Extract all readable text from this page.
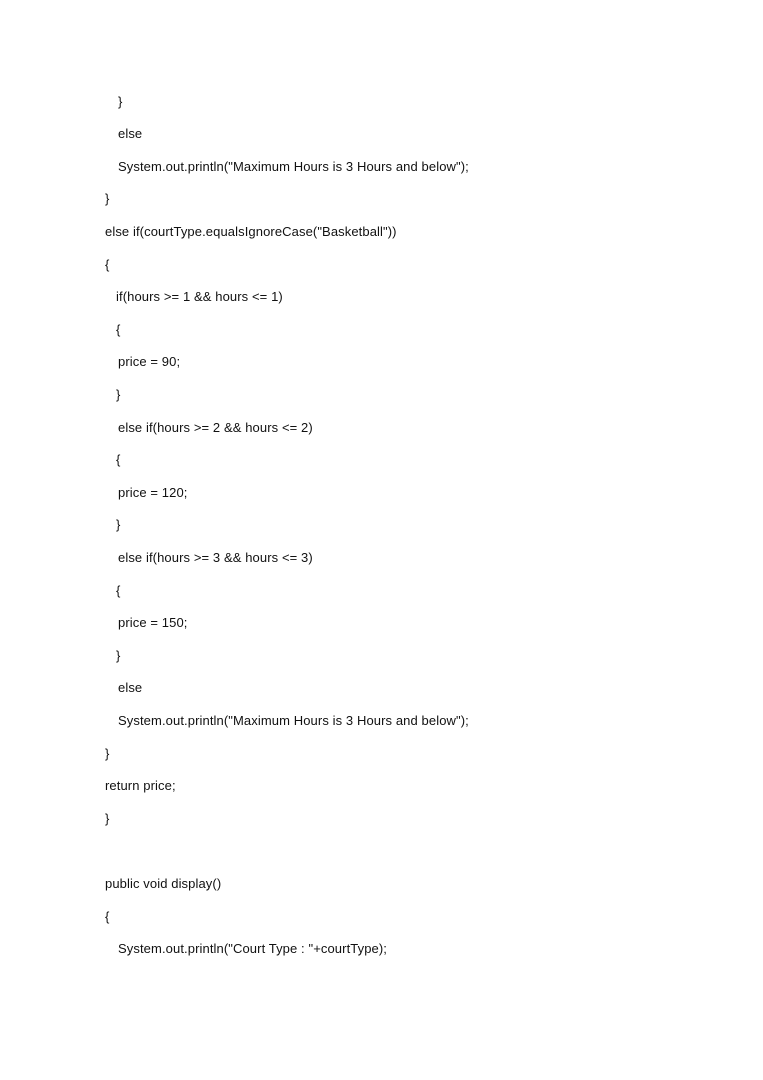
}
else
System.out.println("Maximum Hours is 3 Hours and below");
}
else if(courtType.equalsIgnoreCase("Basketball"))
{
if(hours >= 1 && hours <= 1)
{
price = 90;
}
else if(hours >= 2 && hours <= 2)
{
price = 120;
}
else if(hours >= 3 && hours <= 3)
{
price = 150;
}
else
System.out.println("Maximum Hours is 3 Hours and below");
}
return price;
}
public void display()
{
System.out.println("Court Type : "+courtType);
